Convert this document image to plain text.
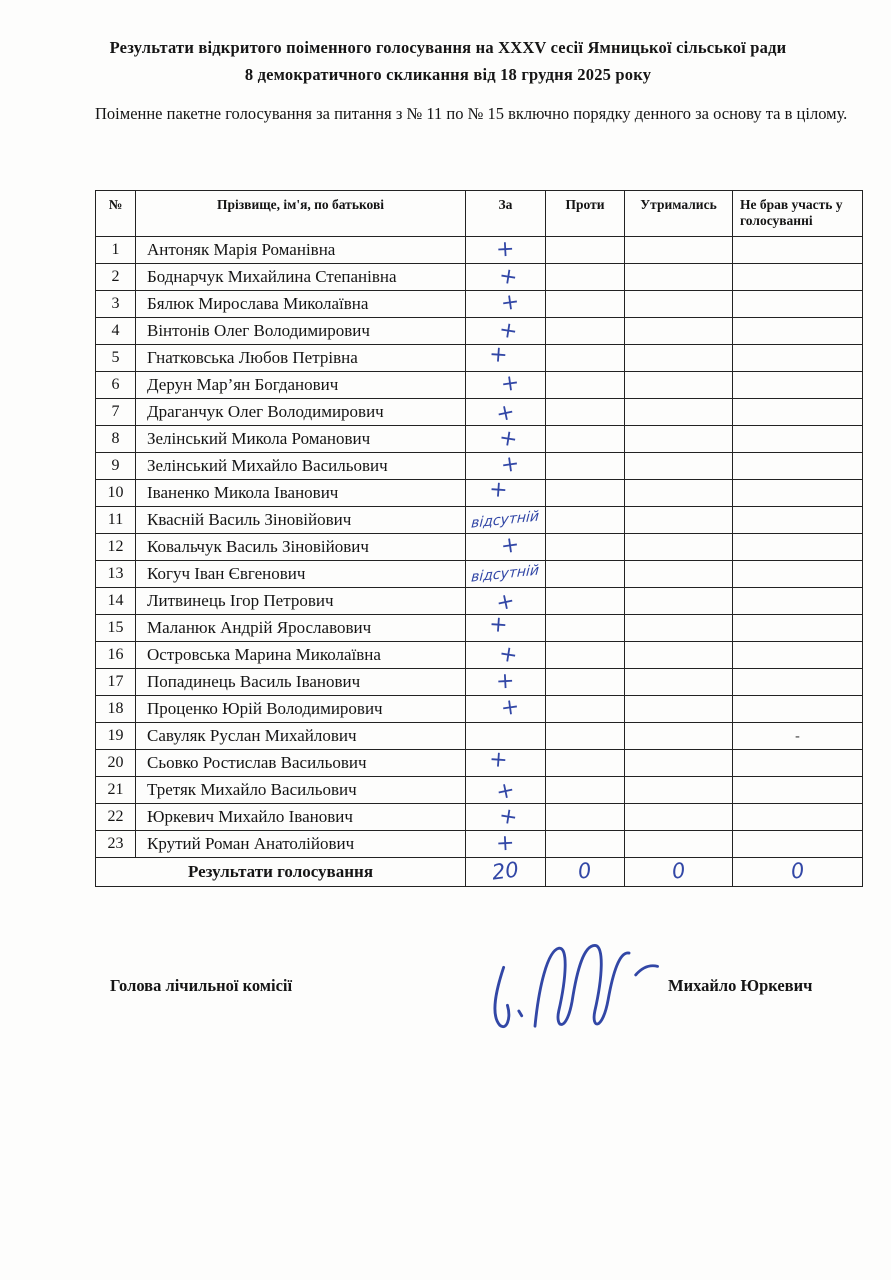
Результати відкритого поіменного голосування на XXXV сесії Ямницької сільської ради
8 демократичного скликання від 18 грудня 2025 року
Поіменне пакетне голосування за питання з № 11 по № 15 включно порядку денного за основу та в цілому.
№	Прізвище, ім'я, по батькові	За	Проти	Утримались	Не брав участь у голосуванні
1	Антоняк Марія Романівна	+			
2	Боднарчук Михайлина Степанівна	+			
3	Бялюк Мирослава Миколаївна	+			
4	Вінтонів Олег Володимирович	+			
5	Гнатковська Любов Петрівна	+			
6	Дерун Мар’ян Богданович	+			
7	Драганчук Олег Володимирович	+			
8	Зелінський Микола Романович	+			
9	Зелінський Михайло Васильович	+			
10	Іваненко Микола Іванович	+			
11	Квасній Василь Зіновійович	відсутній			
12	Ковальчук Василь Зіновійович	+			
13	Когуч Іван Євгенович	відсутній			
14	Литвинець Ігор Петрович	+			
15	Маланюк Андрій Ярославович	+			
16	Островська Марина Миколаївна	+			
17	Попадинець Василь Іванович	+			
18	Проценко Юрій Володимирович	+			
19	Савуляк Руслан Михайлович				-
20	Сьовко Ростислав Васильович	+			
21	Третяк Михайло Васильович	+			
22	Юркевич Михайло Іванович	+			
23	Крутий Роман Анатолійович	+			
Результати голосування		20	0	0	0
Голова лічильної комісії	Михайло Юркевич
